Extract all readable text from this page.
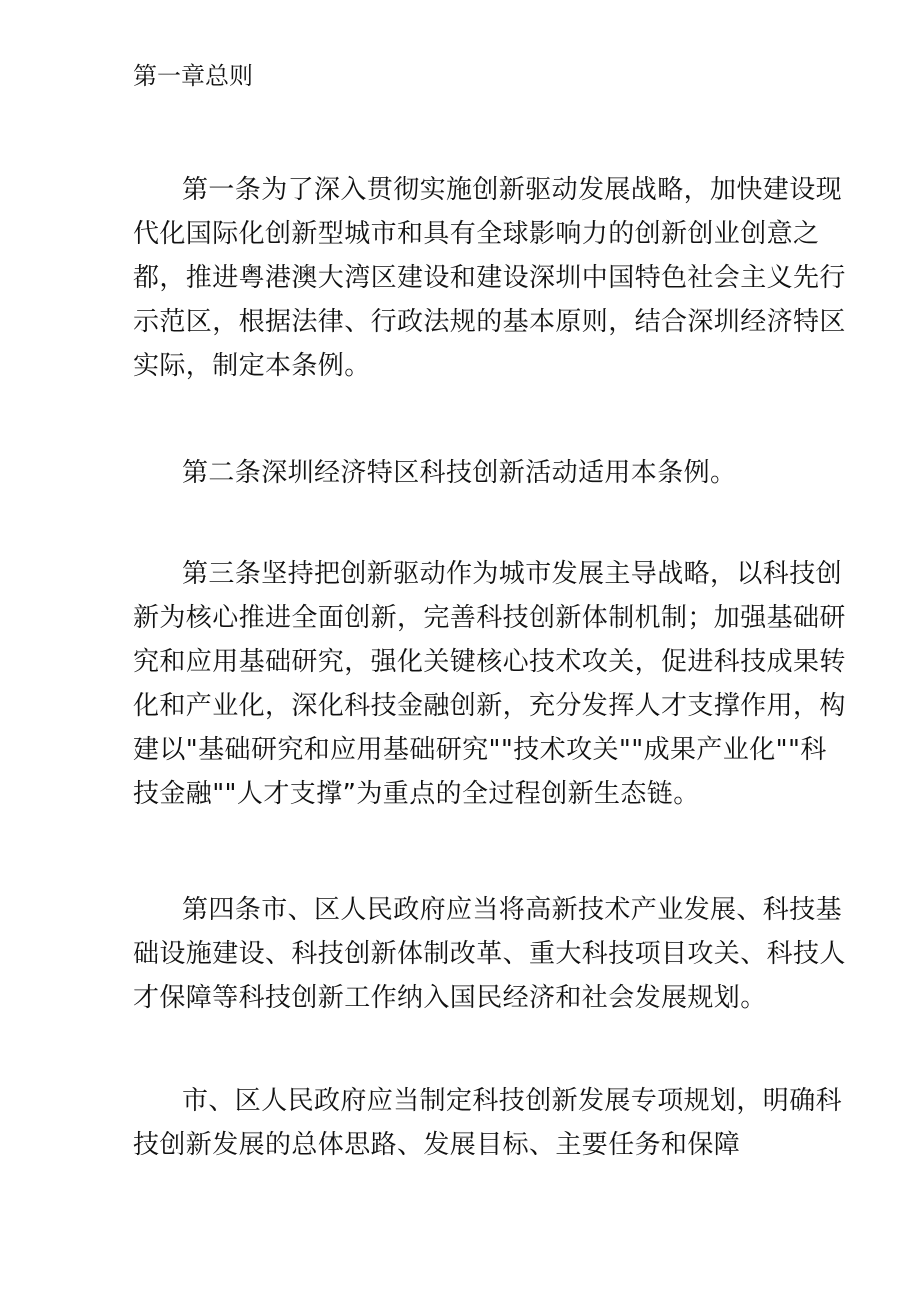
第一章总则
第一条为了深入贯彻实施创新驱动发展战略，加快建设现
代化国际化创新型城市和具有全球影响力的创新创业创意之
都，推进粤港澳大湾区建设和建设深圳中国特色社会主义先行
示范区，根据法律、行政法规的基本原则，结合深圳经济特区
实际，制定本条例。
第二条深圳经济特区科技创新活动适用本条例。
第三条坚持把创新驱动作为城市发展主导战略，以科技创
新为核心推进全面创新，完善科技创新体制机制；加强基础研
究和应用基础研究，强化关键核心技术攻关，促进科技成果转
化和产业化，深化科技金融创新，充分发挥人才支撑作用，构
建以"基础研究和应用基础研究""技术攻关""成果产业化""科
技金融""人才支撑”为重点的全过程创新生态链。
第四条市、区人民政府应当将高新技术产业发展、科技基
础设施建设、科技创新体制改革、重大科技项目攻关、科技人
才保障等科技创新工作纳入国民经济和社会发展规划。
市、区人民政府应当制定科技创新发展专项规划，明确科
技创新发展的总体思路、发展目标、主要任务和保障
